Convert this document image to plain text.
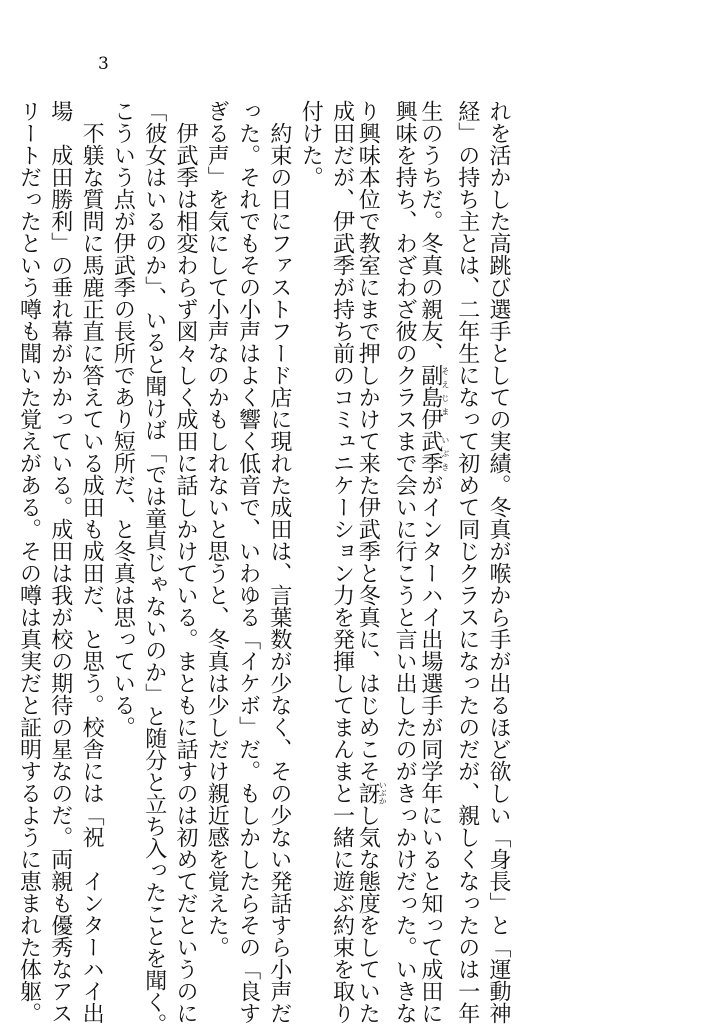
3
れを活かした高跳び選手としての実績。冬真が喉から手が出るほど欲しい「身長」と「運動神
経」の持ち主とは、二年生になって初めて同じクラスになったのだが、親しくなったのは一年
生のうちだ。冬真の親友、副島伊武季そえじま いぶきがインターハイ出場選手が同学年にいると知って成田に
興味を持ち、わざわざ彼のクラスまで会いに行こうと言い出したのがきっかけだった。いきな
り興味本位で教室にまで押しかけて来た伊武季と冬真に、はじめこそ訝いぶかし気な態度をしていた
成田だが、伊武季が持ち前のコミュニケーション力を発揮してまんまと一緒に遊ぶ約束を取り
付けた。
約束の日にファストフード店に現れた成田は、言葉数が少なく、その少ない発話すら小声だ
った。それでもその小声はよく響く低音で、いわゆる「イケボ」だ。もしかしたらその「良す
ぎる声」を気にして小声なのかもしれないと思うと、冬真は少しだけ親近感を覚えた。
伊武季は相変わらず図々しく成田に話しかけている。まともに話すのは初めてだというのに
「彼女はいるのか」、いると聞けば「では童貞じゃないのか」と随分と立ち入ったことを聞く。
こういう点が伊武季の長所であり短所だ、と冬真は思っている。
不躾な質問に馬鹿正直に答えている成田も成田だ、と思う。校舎には「祝　インターハイ出
場　成田勝利」の垂れ幕がかかっている。成田は我が校の期待の星なのだ。両親も優秀なアス
リートだったという噂も聞いた覚えがある。その噂は真実だと証明するように恵まれた体躯。
